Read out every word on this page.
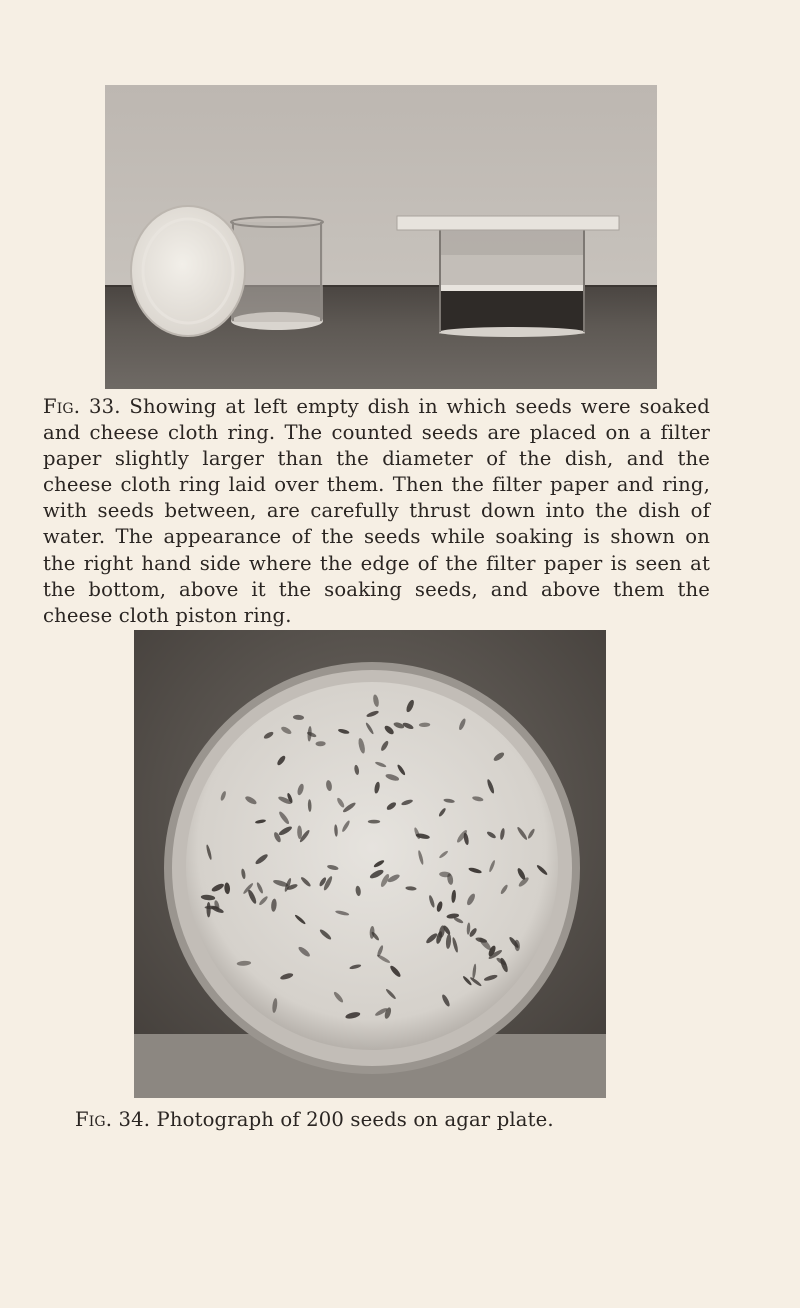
Fig. 33. Showing at left empty dish in which seeds were soaked and cheese cloth ring. The counted seeds are placed on a filter paper slightly larger than the diameter of the dish, and the cheese cloth ring laid over them. Then the filter paper and ring, with seeds between, are carefully thrust down into the dish of water. The appearance of the seeds while soaking is shown on the right hand side where the edge of the filter paper is seen at the bottom, above it the soaking seeds, and above them the cheese cloth piston ring.

Fig. 34. Photograph of 200 seeds on agar plate.
